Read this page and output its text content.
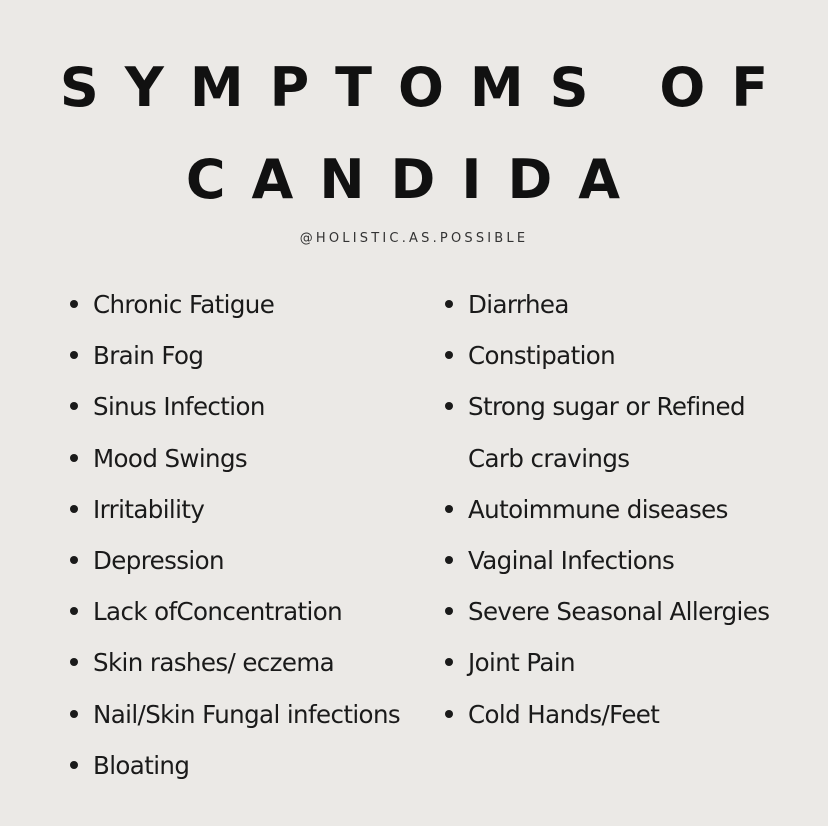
SYMPTOMS OF
CANDIDA
@HOLISTIC.AS.POSSIBLE
Chronic Fatigue
Brain Fog
Sinus Infection
Mood Swings
Irritability
Depression
Lack ofConcentration
Skin rashes/ eczema
Nail/Skin Fungal infections
Bloating
Diarrhea
Constipation
Strong sugar or Refined
Carb cravings
Autoimmune diseases
Vaginal Infections
Severe Seasonal Allergies
Joint Pain
Cold Hands/Feet
